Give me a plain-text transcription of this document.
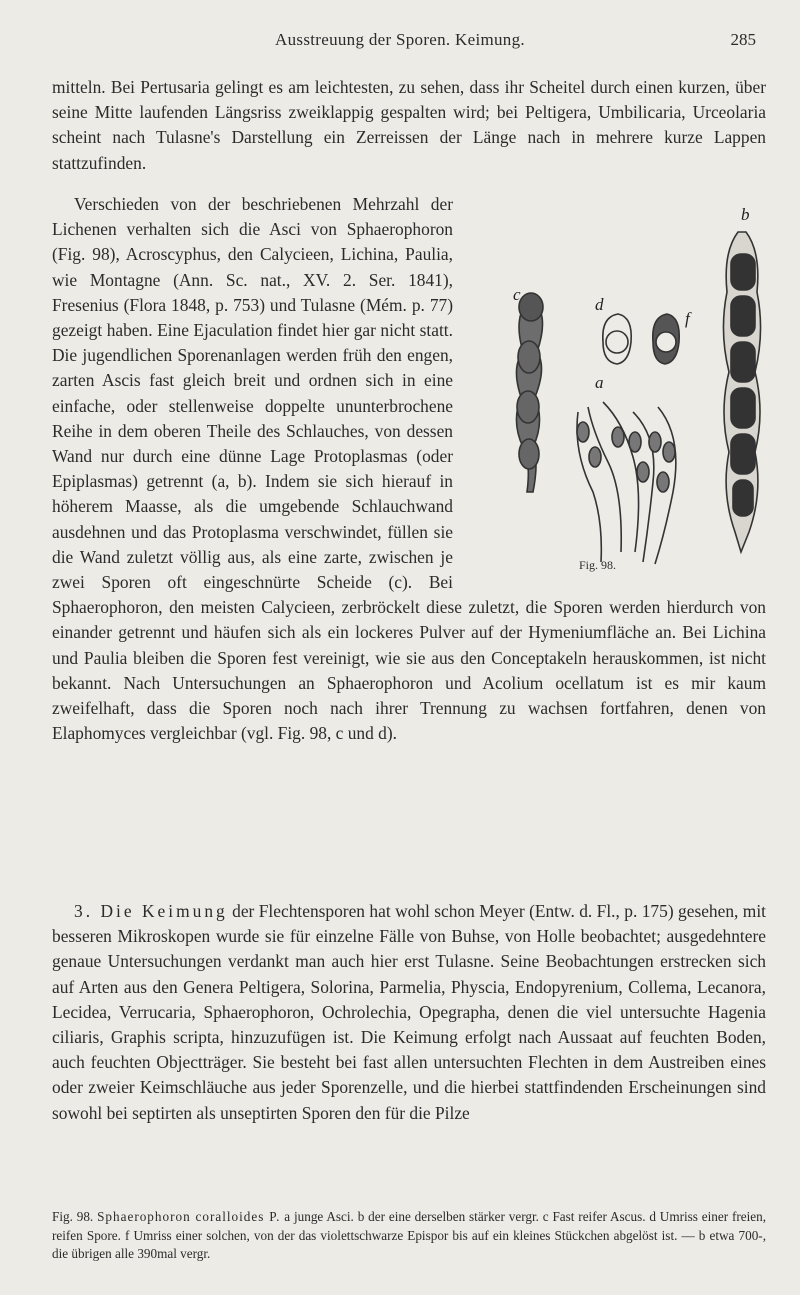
Ausstreuung der Sporen. Keimung.	285

mitteln. Bei Pertusaria gelingt es am leichtesten, zu sehen, dass ihr Scheitel durch einen kurzen, über seine Mitte laufenden Längsriss zweiklappig gespalten wird; bei Peltigera, Umbilicaria, Urceolaria scheint nach Tulasne's Darstellung ein Zerreissen der Länge nach in mehrere kurze Lappen stattzufinden.

c
d
f
a
b
Fig. 98.
Verschieden von der beschriebenen Mehrzahl der Lichenen verhalten sich die Asci von Sphaerophoron (Fig. 98), Acroscyphus, den Calycieen, Lichina, Paulia, wie Montagne (Ann. Sc. nat., XV. 2. Ser. 1841), Fresenius (Flora 1848, p. 753) und Tulasne (Mém. p. 77) gezeigt haben. Eine Ejaculation findet hier gar nicht statt. Die jugendlichen Sporenanlagen werden früh den engen, zarten Ascis fast gleich breit und ordnen sich in eine einfache, oder stellenweise doppelte ununterbrochene Reihe in dem oberen Theile des Schlauches, von dessen Wand nur durch eine dünne Lage Protoplasmas (oder Epiplasmas) getrennt (a, b). Indem sie sich hierauf in höherem Maasse, als die umgebende Schlauchwand ausdehnen und das Protoplasma verschwindet, füllen sie die Wand zuletzt völlig aus, als eine zarte, zwischen je zwei Sporen oft eingeschnürte Scheide (c). Bei Sphaerophoron, den meisten Calycieen, zerbröckelt diese zuletzt, die Sporen werden hierdurch von einander getrennt und häufen sich als ein lockeres Pulver auf der Hymeniumfläche an. Bei Lichina und Paulia bleiben die Sporen fest vereinigt, wie sie aus den Conceptakeln herauskommen, ist nicht bekannt. Nach Untersuchungen an Sphaerophoron und Acolium ocellatum ist es mir kaum zweifelhaft, dass die Sporen noch nach ihrer Trennung zu wachsen fortfahren, denen von Elaphomyces vergleichbar (vgl. Fig. 98, c und d).
3. Die Keimung der Flechtensporen hat wohl schon Meyer (Entw. d. Fl., p. 175) gesehen, mit besseren Mikroskopen wurde sie für einzelne Fälle von Buhse, von Holle beobachtet; ausgedehntere genaue Untersuchungen verdankt man auch hier erst Tulasne. Seine Beobachtungen erstrecken sich auf Arten aus den Genera Peltigera, Solorina, Parmelia, Physcia, Endopyrenium, Collema, Lecanora, Lecidea, Verrucaria, Sphaerophoron, Ochrolechia, Opegrapha, denen die viel untersuchte Hagenia ciliaris, Graphis scripta, hinzuzufügen ist. Die Keimung erfolgt nach Aussaat auf feuchten Boden, auch feuchten Objectträger. Sie besteht bei fast allen untersuchten Flechten in dem Austreiben eines oder zweier Keimschläuche aus jeder Sporenzelle, und die hierbei stattfindenden Erscheinungen sind sowohl bei septirten als unseptirten Sporen den für die Pilze
Fig. 98. Sphaerophoron coralloides P. a junge Asci. b der eine derselben stärker vergr. c Fast reifer Ascus. d Umriss einer freien, reifen Spore. f Umriss einer solchen, von der das violettschwarze Epispor bis auf ein kleines Stückchen abgelöst ist. — b etwa 700-, die übrigen alle 390mal vergr.
